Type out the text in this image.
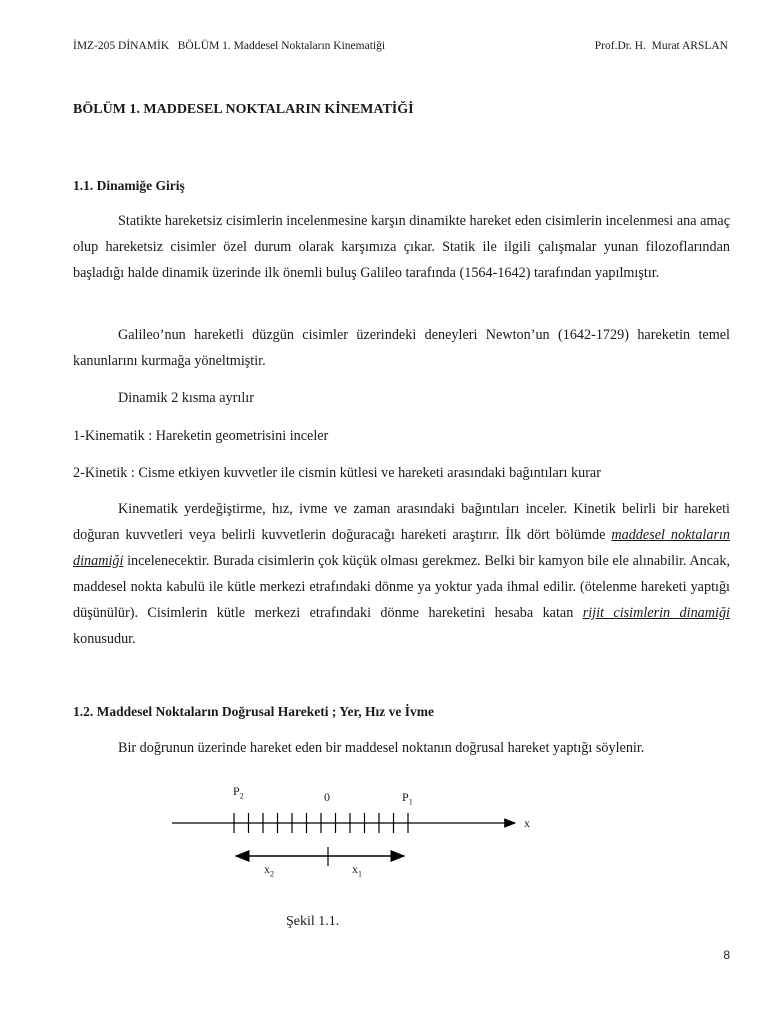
İMZ-205 DİNAMİK   BÖLÜM 1. Maddesel Noktaların Kinematiği	Prof.Dr. H.  Murat ARSLAN
BÖLÜM 1. MADDESEL NOKTALARIN KİNEMATİĞİ
1.1. Dinamiğe Giriş

Statikte hareketsiz cisimlerin incelenmesine karşın dinamikte hareket eden cisimlerin incelenmesi ana amaç olup hareketsiz cisimler özel durum olarak karşımıza çıkar. Statik ile ilgili çalışmalar yunan filozoflarından başladığı halde dinamik üzerinde ilk önemli buluş Galileo tarafında (1564-1642) tarafından yapılmıştır.

Galileo’nun hareketli düzgün cisimler üzerindeki deneyleri Newton’un (1642-1729) hareketin temel kanunlarını kurmağa yöneltmiştir.

Dinamik 2 kısma ayrılır

1-Kinematik : Hareketin geometrisini inceler

2-Kinetik : Cisme etkiyen kuvvetler ile cismin kütlesi ve hareketi arasındaki bağıntıları kurar

Kinematik yerdeğiştirme, hız, ivme ve zaman arasındaki bağıntıları inceler. Kinetik belirli bir hareketi doğuran kuvvetleri veya belirli kuvvetlerin doğuracağı hareketi araştırır. İlk dört bölümde maddesel noktaların dinamiği incelenecektir. Burada cisimlerin çok küçük olması gerekmez. Belki bir kamyon bile ele alınabilir. Ancak, maddesel nokta kabulü ile kütle merkezi etrafındaki dönme ya yoktur yada ihmal edilir. (ötelenme hareketi yaptığı düşünülür). Cisimlerin kütle merkezi etrafındaki dönme hareketini hesaba katan rijit cisimlerin dinamiği konusudur.

1.2. Maddesel Noktaların Doğrusal Hareketi ; Yer, Hız ve İvme

Bir doğrunun üzerinde hareket eden bir maddesel noktanın doğrusal hareket yaptığı söylenir.

$P_2$	0	$P_1$
x
$x_2$	$x_1$
Şekil 1.1.
8
